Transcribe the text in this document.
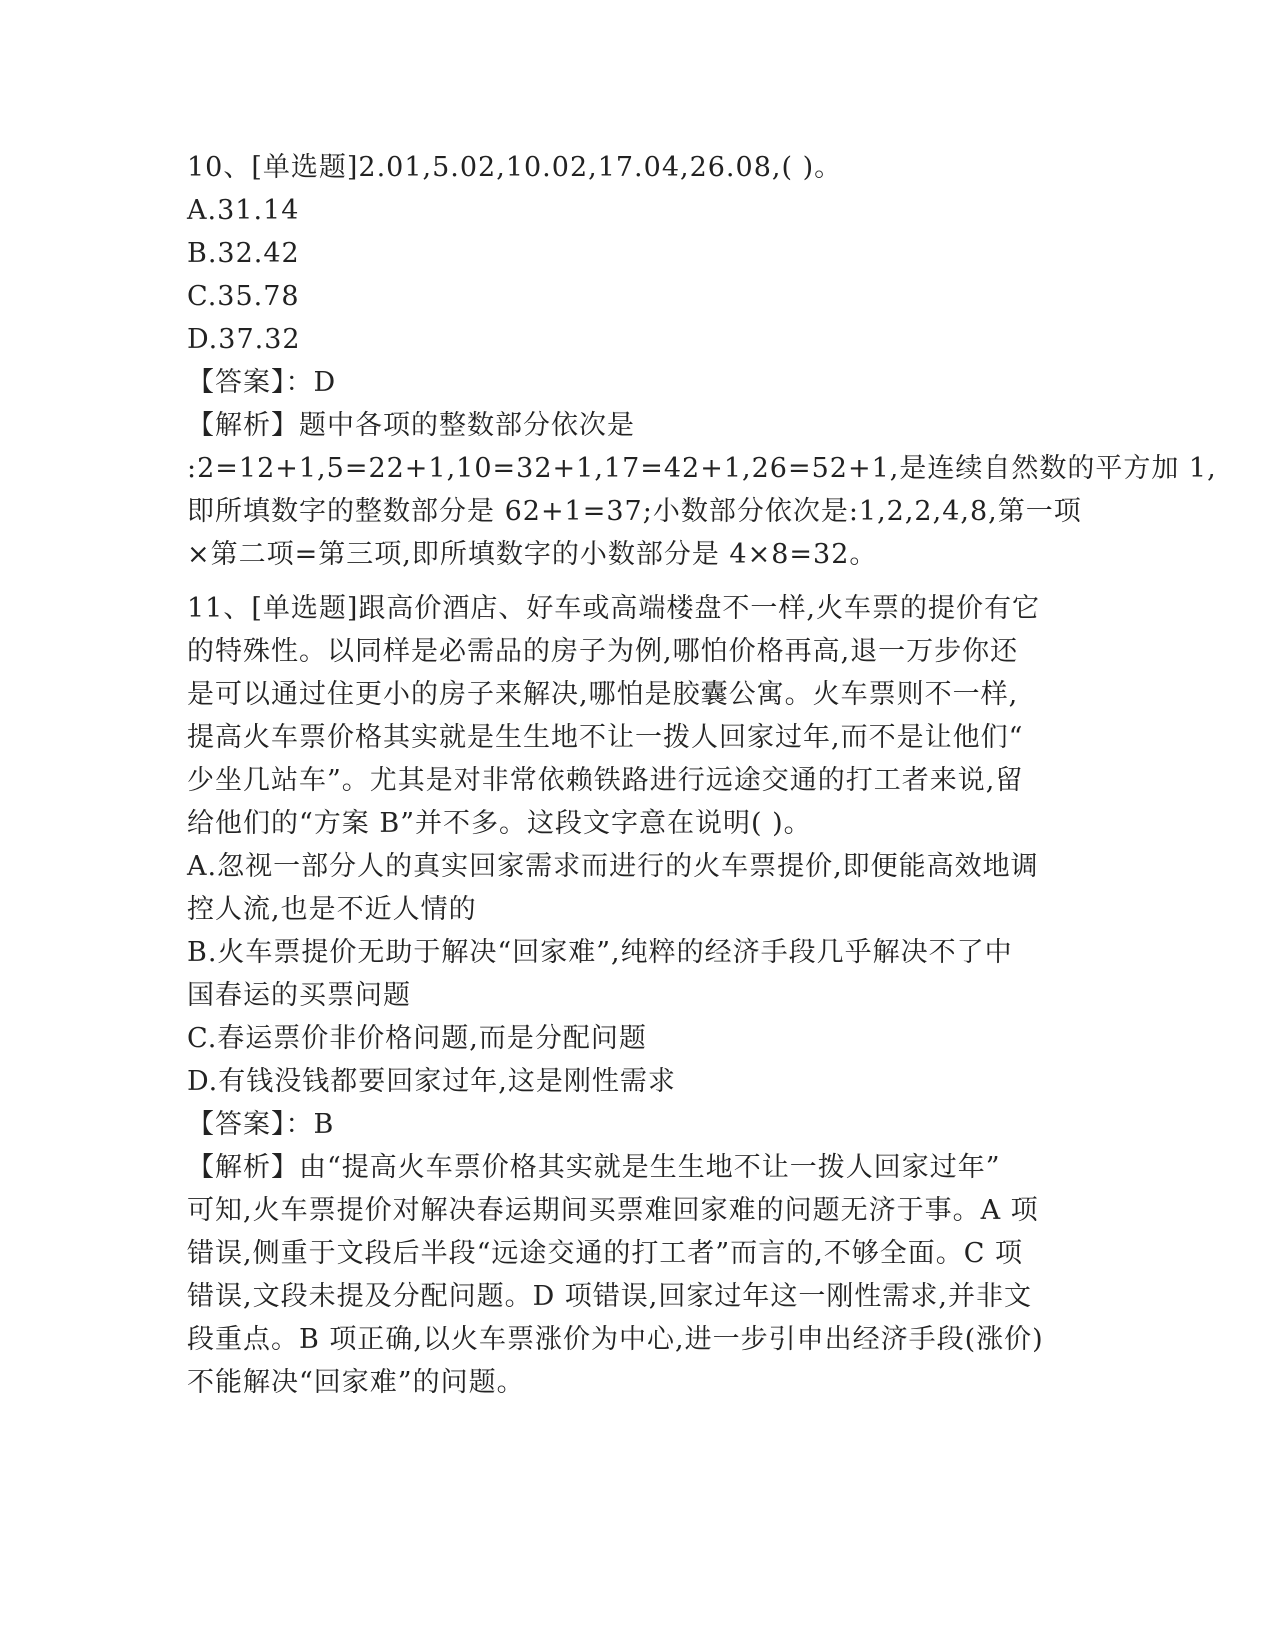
10、[单选题]2.01,5.02,10.02,17.04,26.08,( )。
A.31.14
B.32.42
C.35.78
D.37.32
【答案】：D
【解析】题中各项的整数部分依次是
:2=12+1,5=22+1,10=32+1,17=42+1,26=52+1,是连续自然数的平方加 1,
即所填数字的整数部分是 62+1=37;小数部分依次是:1,2,2,4,8,第一项
×第二项=第三项,即所填数字的小数部分是 4×8=32。
11、[单选题]跟高价酒店、好车或高端楼盘不一样,火车票的提价有它
的特殊性。以同样是必需品的房子为例,哪怕价格再高,退一万步你还
是可以通过住更小的房子来解决,哪怕是胶囊公寓。火车票则不一样,
提高火车票价格其实就是生生地不让一拨人回家过年,而不是让他们“
少坐几站车”。尤其是对非常依赖铁路进行远途交通的打工者来说,留
给他们的“方案 B”并不多。这段文字意在说明( )。
A.忽视一部分人的真实回家需求而进行的火车票提价,即便能高效地调
控人流,也是不近人情的
B.火车票提价无助于解决“回家难”,纯粹的经济手段几乎解决不了中
国春运的买票问题
C.春运票价非价格问题,而是分配问题
D.有钱没钱都要回家过年,这是刚性需求
【答案】：B
【解析】由“提高火车票价格其实就是生生地不让一拨人回家过年”
可知,火车票提价对解决春运期间买票难回家难的问题无济于事。A 项
错误,侧重于文段后半段“远途交通的打工者”而言的,不够全面。C 项
错误,文段未提及分配问题。D 项错误,回家过年这一刚性需求,并非文
段重点。B 项正确,以火车票涨价为中心,进一步引申出经济手段(涨价)
不能解决“回家难”的问题。
